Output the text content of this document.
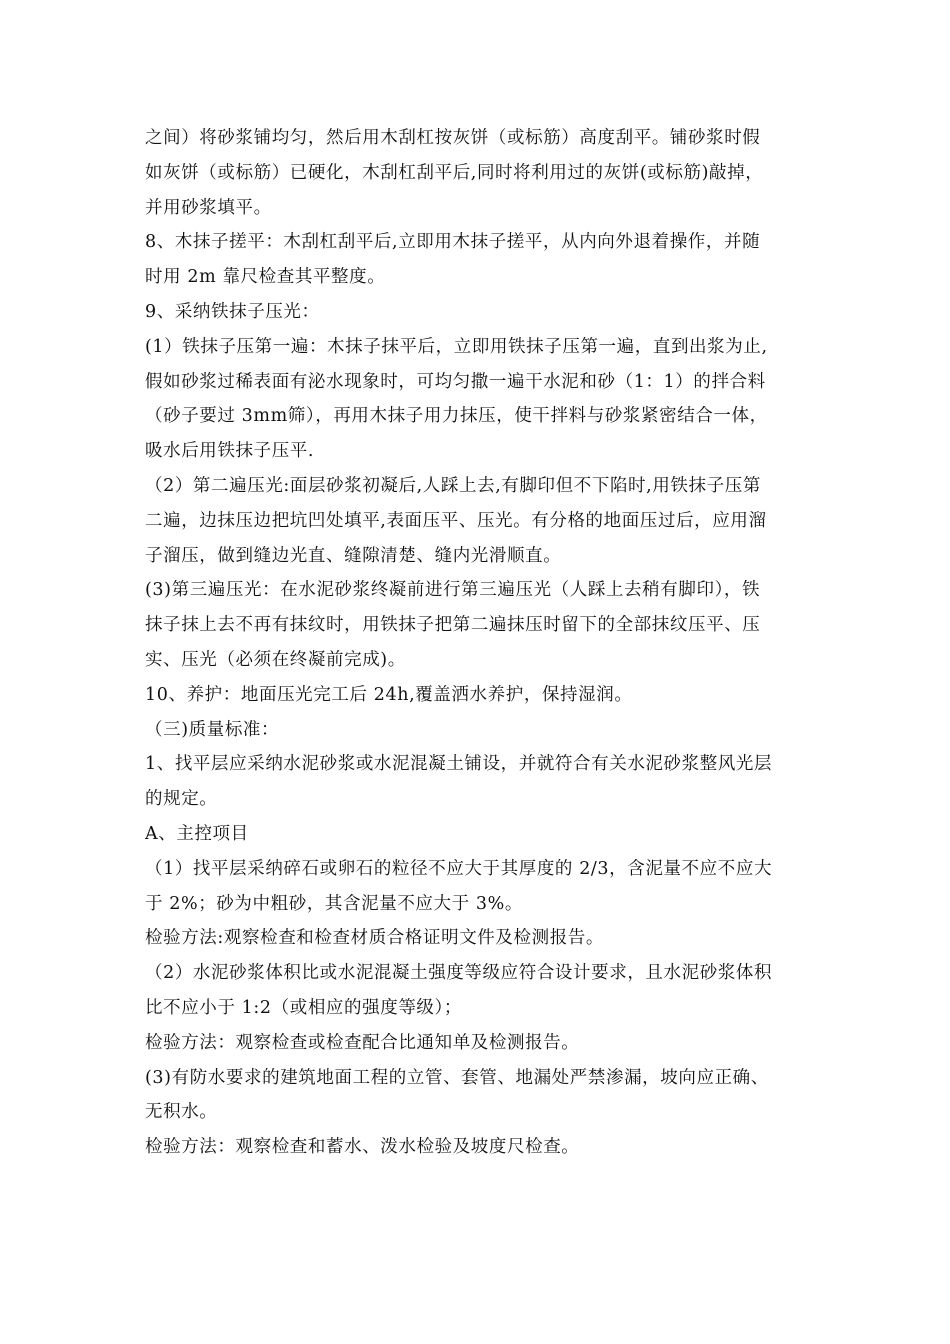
之间）将砂浆铺均匀，然后用木刮杠按灰饼（或标筋）高度刮平。铺砂浆时假
如灰饼（或标筋）已硬化，木刮杠刮平后,同时将利用过的灰饼(或标筋)敲掉，
并用砂浆填平。
8、木抹子搓平：木刮杠刮平后,立即用木抹子搓平，从内向外退着操作，并随
时用 2m 靠尺检查其平整度。
9、采纳铁抹子压光：
(1）铁抹子压第一遍：木抹子抹平后，立即用铁抹子压第一遍，直到出浆为止,
假如砂浆过稀表面有泌水现象时，可均匀撒一遍干水泥和砂（1：1）的拌合料
（砂子要过 3mm筛），再用木抹子用力抹压，使干拌料与砂浆紧密结合一体，
吸水后用铁抹子压平.
（2）第二遍压光:面层砂浆初凝后,人踩上去,有脚印但不下陷时,用铁抹子压第
二遍，边抹压边把坑凹处填平,表面压平、压光。有分格的地面压过后，应用溜
子溜压，做到缝边光直、缝隙清楚、缝内光滑顺直。
(3)第三遍压光：在水泥砂浆终凝前进行第三遍压光（人踩上去稍有脚印），铁
抹子抹上去不再有抹纹时，用铁抹子把第二遍抹压时留下的全部抹纹压平、压
实、压光（必须在终凝前完成)。
10、养护：地面压光完工后 24h,覆盖洒水养护，保持湿润。
（三)质量标准：
1、找平层应采纳水泥砂浆或水泥混凝土铺设，并就符合有关水泥砂浆整风光层
的规定。
A、主控项目
（1）找平层采纳碎石或卵石的粒径不应大于其厚度的 2/3，含泥量不应不应大
于 2%；砂为中粗砂，其含泥量不应大于 3%。
检验方法:观察检查和检查材质合格证明文件及检测报告。
（2）水泥砂浆体积比或水泥混凝土强度等级应符合设计要求，且水泥砂浆体积
比不应小于 1:2（或相应的强度等级）；
检验方法：观察检查或检查配合比通知单及检测报告。
(3)有防水要求的建筑地面工程的立管、套管、地漏处严禁渗漏，坡向应正确、
无积水。
检验方法：观察检查和蓄水、泼水检验及坡度尺检查。
